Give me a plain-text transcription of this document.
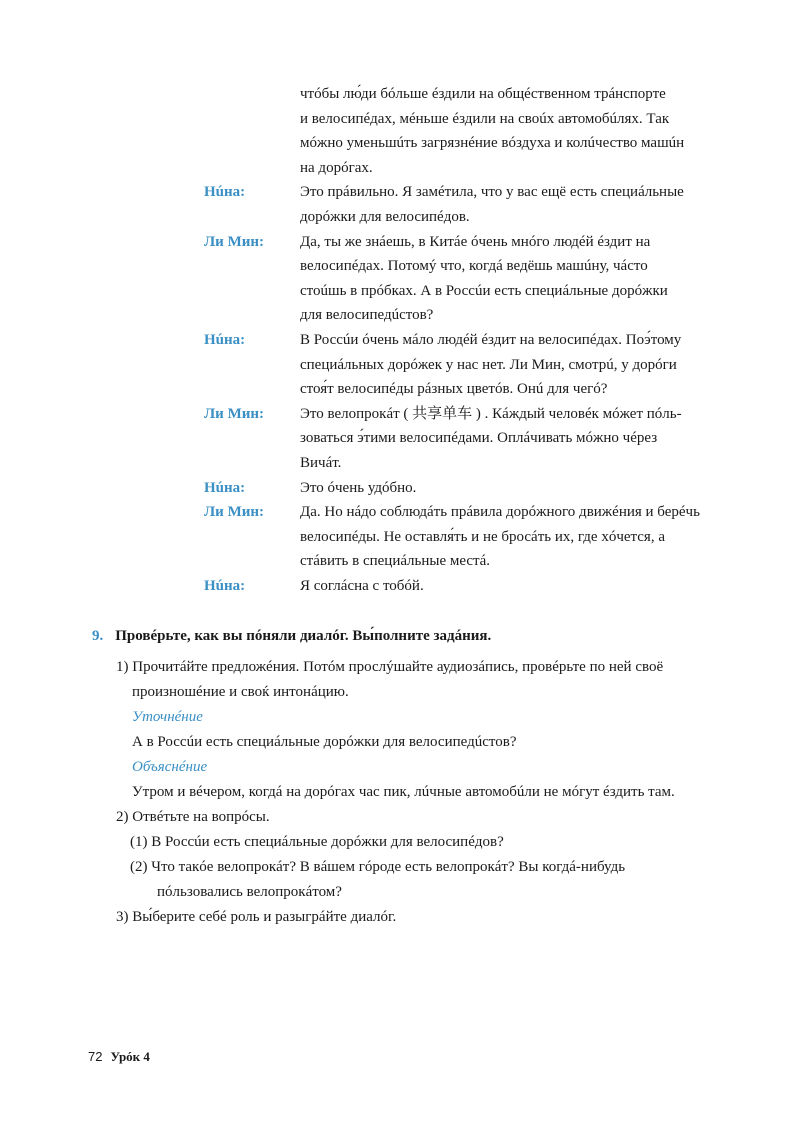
чтóбы лю́ди бóльше éздили на общéственном трáнспорте

и велосипéдах, мéньше éздили на своúх автомобúлях. Так

мóжно уменьшúть загрязнéние вóздуха и колúчество машúн

на дорóгах.

Нúна:	Это прáвильно. Я замéтила, что у вас ещё есть специáльные

дорóжки для велосипéдов.

Ли Мин: Да, ты же знáешь, в Китáе óчень мнóго людéй éздит на

велосипéдах. Потомý что, когдá ведёшь машúну, чáсто

стоúшь в прóбках. А в Россúи есть специáльные дорóжки

для велосипедúстов?

Нúна:	В Россúи óчень мáло людéй éздит на велосипéдах. Поэ́тому

специáльных дорóжек у нас нет. Ли Мин, смотрú, у дорóги

стоя́т велосипéды рáзных цветóв. Онú для чегó?

Ли Мин: Это велопрокáт ( 共享单车 ) . Кáждый человéк мóжет пóль-

зоваться э́тими велосипéдами. Оплáчивать мóжно чéрез

Вичáт.

Нúна:	Это óчень удóбно.

Ли Мин: Да. Но нáдо соблюдáть прáвила дорóжного движéния и берéчь

велосипéды. Не оставля́ть и не бросáть их, где хóчется, а

стáвить в специáльные местá.

Нúна:	Я соглáсна с тобóй.

9. Провéрьте, как вы пóняли диалóг. Вы́полните задáния.
1) Прочитáйте предложéния. Потóм прослýшайте аудиозáпись, провéрьте по ней своё
произношéние и своќ интонáцию.
Уточнéние
А в Россúи есть специáльные дорóжки для велосипедúстов?
Объяснéние
Утром и вéчером, когдá на дорóгах час пик, лúчные автомобúли не мóгут éздить там.
2) Отвéтьте на вопрóсы.
(1) В Россúи есть специáльные дорóжки для велосипéдов?
(2) Что такóе велопрокáт? В вáшем гóроде есть велопрокáт? Вы когдá-нибудь
пóльзовались велопрокáтом?
3) Вы́берите себé роль и разыгрáйте диалóг.
72 Урóк 4
